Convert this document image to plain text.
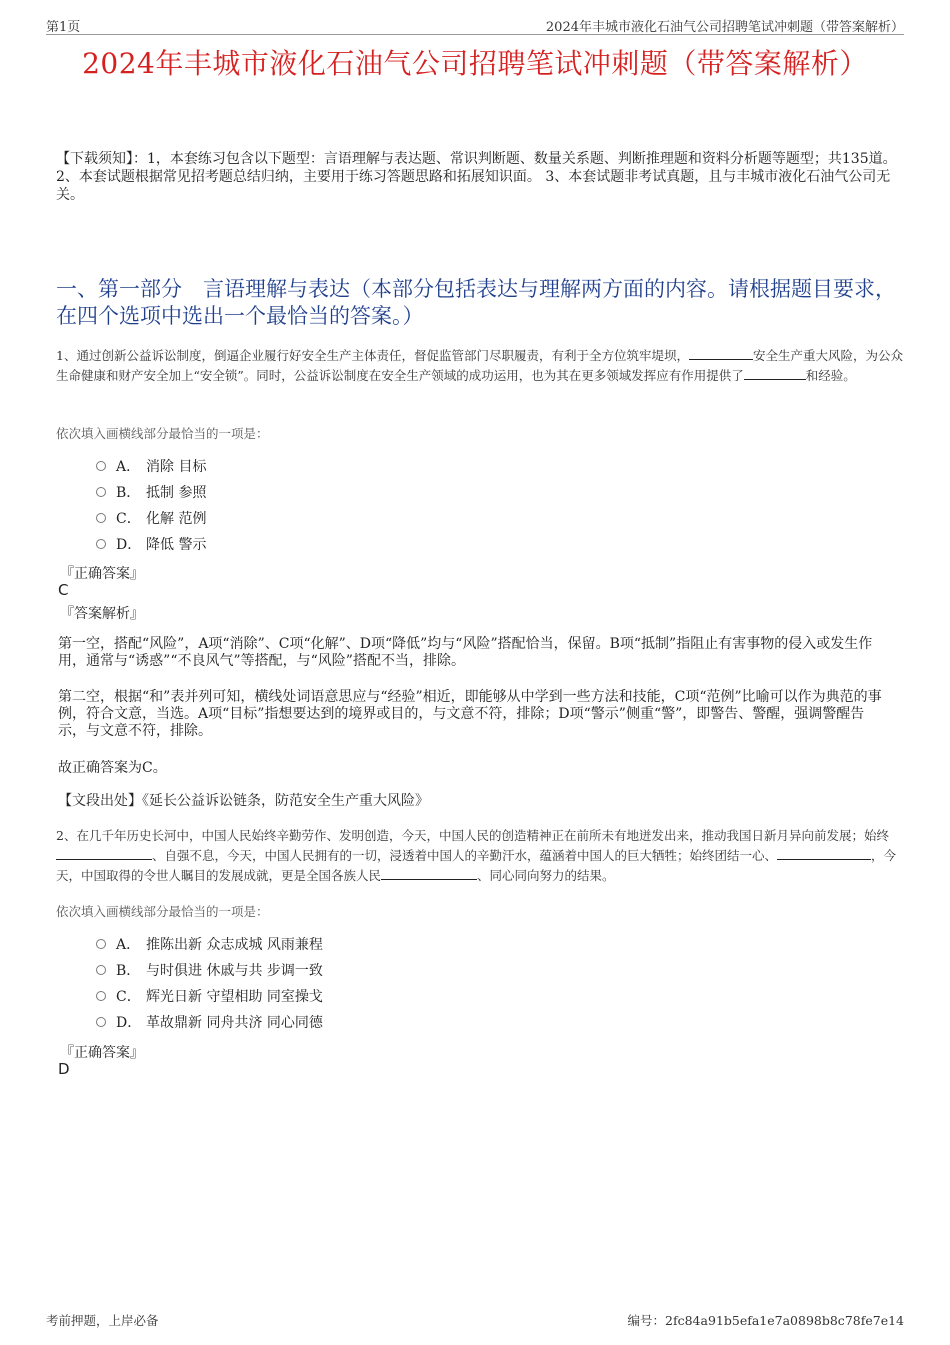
第1页	2024年丰城市液化石油气公司招聘笔试冲刺题（带答案解析）
2024年丰城市液化石油气公司招聘笔试冲刺题（带答案解析）
【下载须知】：1，本套练习包含以下题型：言语理解与表达题、常识判断题、数量关系题、判断推理题和资料分析题等题型；共135道。 2、本套试题根据常见招考题总结归纳，主要用于练习答题思路和拓展知识面。 3、本套试题非考试真题，且与丰城市液化石油气公司无关。
一、第一部分　言语理解与表达（本部分包括表达与理解两方面的内容。请根据题目要求，在四个选项中选出一个最恰当的答案。）
1、通过创新公益诉讼制度，倒逼企业履行好安全生产主体责任，督促监管部门尽职履责，有利于全方位筑牢堤坝，	安全生产重大风险，为公众生命健康和财产安全加上“安全锁”。同时，公益诉讼制度在安全生产领域的成功运用，也为其在更多领域发挥应有作用提供了	和经验。
依次填入画横线部分最恰当的一项是：
A． 消除 目标
B． 抵制 参照
C． 化解 范例
D． 降低 警示
『正确答案』
C
『答案解析』
第一空，搭配“风险”，A项“消除”、C项“化解”、D项“降低”均与“风险”搭配恰当，保留。B项“抵制”指阻止有害事物的侵入或发生作用，通常与“诱惑”“不良风气”等搭配，与“风险”搭配不当，排除。
第二空，根据“和”表并列可知，横线处词语意思应与“经验”相近，即能够从中学到一些方法和技能，C项“范例”比喻可以作为典范的事例，符合文意，当选。A项“目标”指想要达到的境界或目的，与文意不符，排除；D项“警示”侧重“警”，即警告、警醒，强调警醒告示，与文意不符，排除。
故正确答案为C。
【文段出处】《延长公益诉讼链条，防范安全生产重大风险》
2、在几千年历史长河中，中国人民始终辛勤劳作、发明创造，今天，中国人民的创造精神正在前所未有地迸发出来，推动我国日新月异向前发展；始终、自强不息，今天，中国人民拥有的一切，浸透着中国人的辛勤汗水，蕴涵着中国人的巨大牺牲；始终团结一心、	，今天，中国取得的令世人瞩目的发展成就，更是全国各族人民	、同心同向努力的结果。
依次填入画横线部分最恰当的一项是：
A． 推陈出新 众志成城 风雨兼程
B． 与时俱进 休戚与共 步调一致
C． 辉光日新 守望相助 同室操戈
D． 革故鼎新 同舟共济 同心同德
『正确答案』
D
考前押题，上岸必备	编号：2fc84a91b5efa1e7a0898b8c78fe7e14
